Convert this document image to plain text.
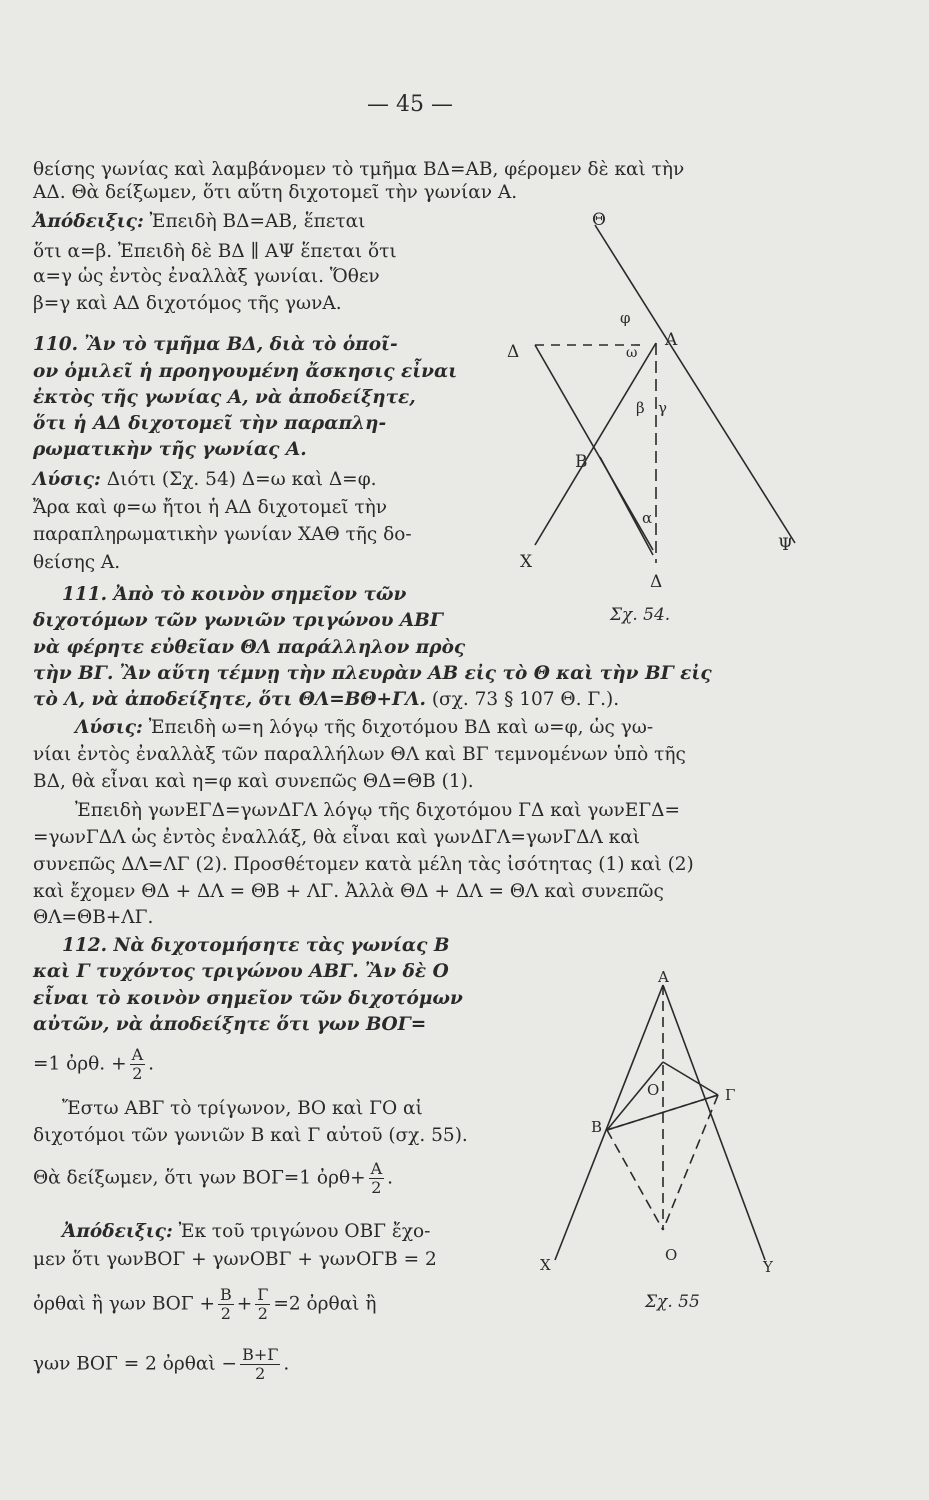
— 45 —
θείσης γωνίας καὶ λαμβάνομεν τὸ τμῆμα ΒΔ=ΑΒ, φέρομεν δὲ καὶ τὴν
ΑΔ. Θὰ δείξωμεν, ὅτι αὕτη διχοτομεῖ τὴν γωνίαν Α.
Ἀπόδειξις: Ἐπειδὴ ΒΔ=ΑΒ, ἕπεται
ὅτι α=β. Ἐπειδὴ δὲ ΒΔ ∥ ΑΨ ἕπεται ὅτι
α=γ ὡς ἐντὸς ἐναλλὰξ γωνίαι. Ὅθεν
β=γ καὶ ΑΔ διχοτόμος τῆς γωνΑ.
110. Ἂν τὸ τμῆμα ΒΔ, διὰ τὸ ὁποῖ-
ον ὁμιλεῖ ἡ προηγουμένη ἄσκησις εἶναι
ἐκτὸς τῆς γωνίας Α, νὰ ἀποδείξητε,
ὅτι ἡ ΑΔ διχοτομεῖ τὴν παραπλη-
ρωματικὴν τῆς γωνίας Α.
Λύσις: Διότι (Σχ. 54) Δ=ω καὶ Δ=φ.
Ἄρα καὶ φ=ω ἤτοι ἡ ΑΔ διχοτομεῖ τὴν
παραπληρωματικὴν γωνίαν ΧΑΘ τῆς δο-
θείσης Α.
111. Ἀπὸ τὸ κοινὸν σημεῖον τῶν
διχοτόμων τῶν γωνιῶν τριγώνου ΑΒΓ
νὰ φέρητε εὐθεῖαν ΘΛ παράλληλον πρὸς
τὴν ΒΓ. Ἂν αὕτη τέμνῃ τὴν πλευρὰν ΑΒ εἰς τὸ Θ καὶ τὴν ΒΓ εἰς
τὸ Λ, νὰ ἀποδείξητε, ὅτι ΘΛ=ΒΘ+ΓΛ. (σχ. 73 § 107 Θ. Γ.).
Λύσις: Ἐπειδὴ ω=η λόγῳ τῆς διχοτόμου ΒΔ καὶ ω=φ, ὡς γω-
νίαι ἐντὸς ἐναλλὰξ τῶν παραλλήλων ΘΛ καὶ ΒΓ τεμνομένων ὑπὸ τῆς
ΒΔ, θὰ εἶναι καὶ η=φ καὶ συνεπῶς ΘΔ=ΘΒ (1).
Ἐπειδὴ γωνΕΓΔ=γωνΔΓΛ λόγῳ τῆς διχοτόμου ΓΔ καὶ γωνΕΓΔ=
=γωνΓΔΛ ὡς ἐντὸς ἐναλλάξ, θὰ εἶναι καὶ γωνΔΓΛ=γωνΓΔΛ καὶ
συνεπῶς ΔΛ=ΛΓ (2). Προσθέτομεν κατὰ μέλη τὰς ἰσότητας (1) καὶ (2)
καὶ ἔχομεν ΘΔ + ΔΛ = ΘΒ + ΛΓ. Ἀλλὰ ΘΔ + ΔΛ = ΘΛ καὶ συνεπῶς
ΘΛ=ΘΒ+ΛΓ.
112. Νὰ διχοτομήσητε τὰς γωνίας Β
καὶ Γ τυχόντος τριγώνου ΑΒΓ. Ἂν δὲ Ο
εἶναι τὸ κοινὸν σημεῖον τῶν διχοτόμων
αὐτῶν, νὰ ἀποδείξητε ὅτι γων ΒΟΓ=
=1 ὀρθ. + $\frac{A}{2}$ .
Ἔστω ΑΒΓ τὸ τρίγωνον, ΒΟ καὶ ΓΟ αἱ
διχοτόμοι τῶν γωνιῶν Β καὶ Γ αὐτοῦ (σχ. 55).
Θὰ δείξωμεν, ὅτι γων ΒΟΓ=1 ὀρθ+ $\frac{A}{2}$ .
Ἀπόδειξις: Ἐκ τοῦ τριγώνου ΟΒΓ ἔχο-
μεν ὅτι γωνΒΟΓ + γωνΟΒΓ + γωνΟΓΒ = 2
ὀρθαὶ ἢ γων $BO\Gamma + \frac{B}{2} + \frac{\Gamma}{2} =2$ ὀρθαὶ ἢ
γων ΒΟΓ = 2 ὀρθαὶ − $\frac{B+\Gamma}{2}$ .
Θ
φ
Α
ω
Δ
β γ
Β
α
Χ
Ψ
Δ
Σχ. 54.
Α
Ο	Γ
Β
Ο
Χ	Υ
Σχ. 55
